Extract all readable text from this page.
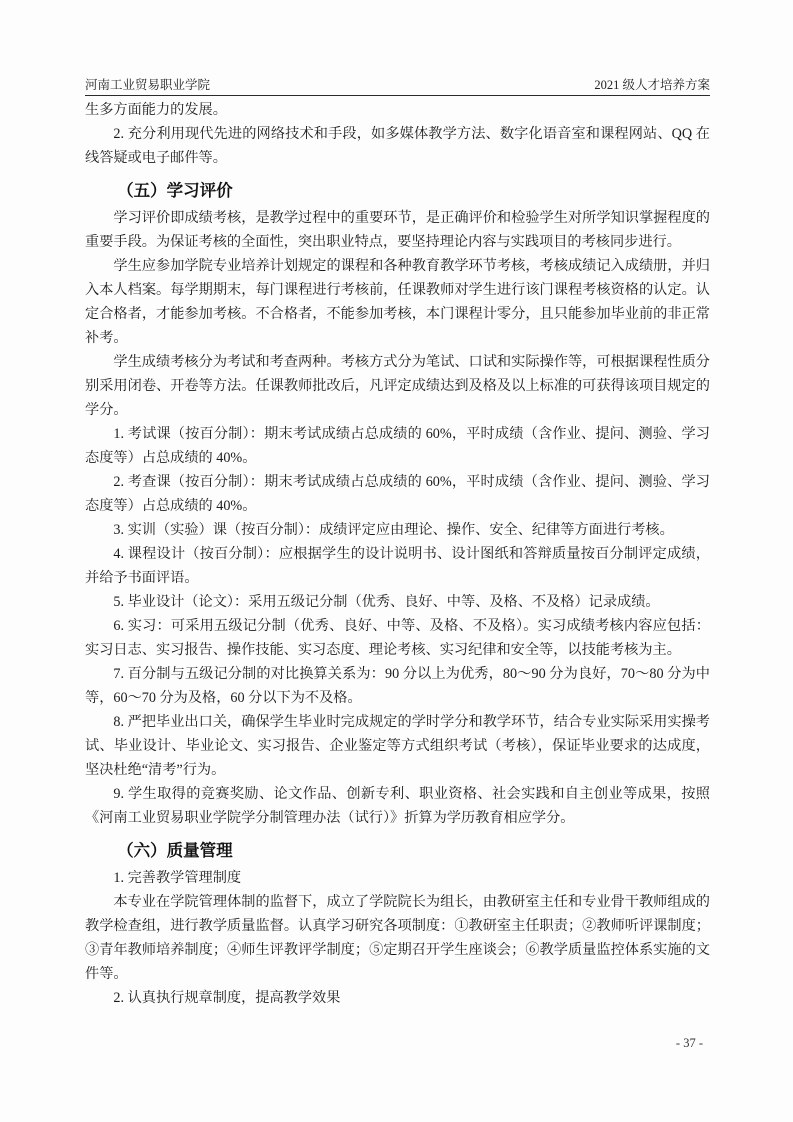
河南工业贸易职业学院	2021 级人才培养方案

生多方面能力的发展。

2. 充分利用现代先进的网络技术和手段，如多媒体教学方法、数字化语音室和课程网站、QQ 在线答疑或电子邮件等。

（五）学习评价

学习评价即成绩考核，是教学过程中的重要环节，是正确评价和检验学生对所学知识掌握程度的重要手段。为保证考核的全面性，突出职业特点，要坚持理论内容与实践项目的考核同步进行。

学生应参加学院专业培养计划规定的课程和各种教育教学环节考核，考核成绩记入成绩册，并归入本人档案。每学期期末，每门课程进行考核前，任课教师对学生进行该门课程考核资格的认定。认定合格者，才能参加考核。不合格者，不能参加考核，本门课程计零分，且只能参加毕业前的非正常补考。

学生成绩考核分为考试和考查两种。考核方式分为笔试、口试和实际操作等，可根据课程性质分别采用闭卷、开卷等方法。任课教师批改后，凡评定成绩达到及格及以上标准的可获得该项目规定的学分。

1. 考试课（按百分制）：期末考试成绩占总成绩的 60%，平时成绩（含作业、提问、测验、学习态度等）占总成绩的 40%。

2. 考查课（按百分制）：期末考试成绩占总成绩的 60%，平时成绩（含作业、提问、测验、学习态度等）占总成绩的 40%。

3. 实训（实验）课（按百分制）：成绩评定应由理论、操作、安全、纪律等方面进行考核。

4. 课程设计（按百分制）：应根据学生的设计说明书、设计图纸和答辩质量按百分制评定成绩，并给予书面评语。

5. 毕业设计（论文）：采用五级记分制（优秀、良好、中等、及格、不及格）记录成绩。

6. 实习：可采用五级记分制（优秀、良好、中等、及格、不及格）。实习成绩考核内容应包括：实习日志、实习报告、操作技能、实习态度、理论考核、实习纪律和安全等，以技能考核为主。

7. 百分制与五级记分制的对比换算关系为：90 分以上为优秀，80～90 分为良好，70～80 分为中等，60～70 分为及格，60 分以下为不及格。

8. 严把毕业出口关，确保学生毕业时完成规定的学时学分和教学环节，结合专业实际采用实操考试、毕业设计、毕业论文、实习报告、企业鉴定等方式组织考试（考核），保证毕业要求的达成度，坚决杜绝“清考”行为。

9. 学生取得的竞赛奖励、论文作品、创新专利、职业资格、社会实践和自主创业等成果，按照《河南工业贸易职业学院学分制管理办法（试行）》折算为学历教育相应学分。

（六）质量管理

1. 完善教学管理制度

本专业在学院管理体制的监督下，成立了学院院长为组长，由教研室主任和专业骨干教师组成的教学检查组，进行教学质量监督。认真学习研究各项制度：①教研室主任职责；②教师听评课制度；③青年教师培养制度；④师生评教评学制度；⑤定期召开学生座谈会；⑥教学质量监控体系实施的文件等。

2. 认真执行规章制度，提高教学效果

- 37 -
